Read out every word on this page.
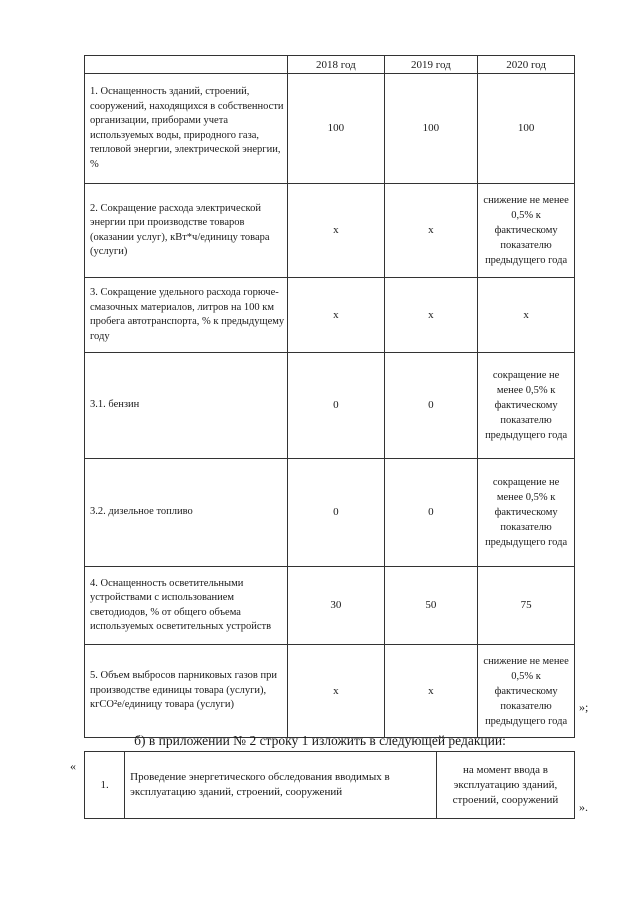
	2018 год	2019 год	2020 год
1. Оснащенность зданий, строений, сооружений, находящихся в собственности организации, приборами учета используемых воды, природного газа, тепловой энергии, электрической энергии, %	100	100	100
2. Сокращение расхода электрической энергии при производстве товаров (оказании услуг), кВт*ч/единицу товара (услуги)	х	х	снижение не менее 0,5% к фактическому показателю предыдущего года
3. Сокращение удельного расхода горюче-смазочных материалов, литров на 100 км пробега автотранспорта, % к предыдущему году	х	х	х
3.1. бензин	0	0	сокращение не менее 0,5% к фактическому показателю предыдущего года
3.2. дизельное топливо	0	0	сокращение не менее 0,5% к фактическому показателю предыдущего года
4. Оснащенность осветительными устройствами с использованием светодиодов, % от общего объема используемых осветительных устройств	30	50	75
5. Объем выбросов парниковых газов при производстве единицы товара (услуги), кгСО²е/единицу товара (услуги)	х	х	снижение не менее 0,5% к фактическому показателю предыдущего года
»;
б) в приложении № 2 строку 1 изложить в следующей редакции:
«
1.	Проведение энергетического обследования вводимых в эксплуатацию зданий, строений, сооружений	на момент ввода в эксплуатацию зданий, строений, сооружений
».
